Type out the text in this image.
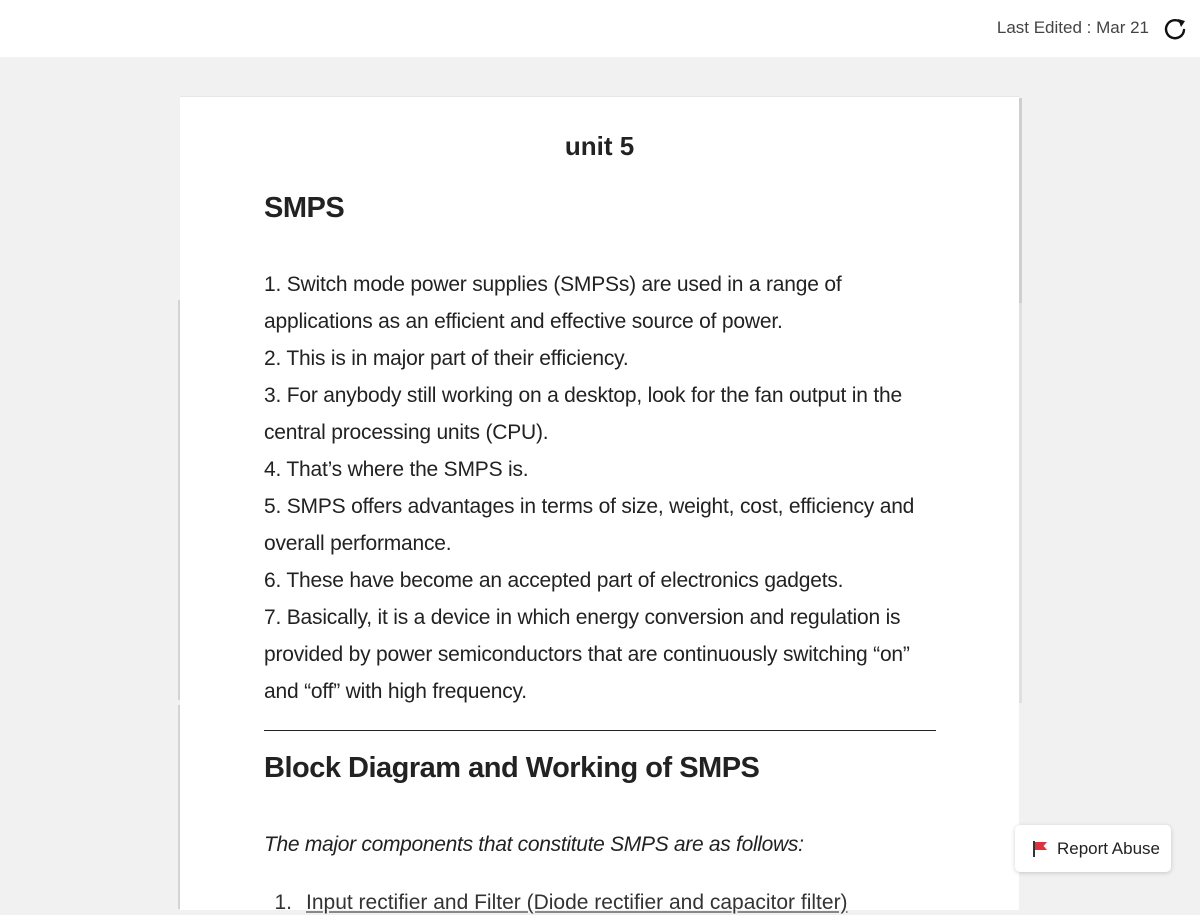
Last Edited : Mar 21
unit 5
SMPS

1. Switch mode power supplies (SMPSs) are used in a range of applications as an efficient and effective source of power.

2. This is in major part of their efficiency.

3. For anybody still working on a desktop, look for the fan output in the central processing units (CPU).

4. That’s where the SMPS is.

5. SMPS offers advantages in terms of size, weight, cost, efficiency and overall performance.

6. These have become an accepted part of electronics gadgets.

7. Basically, it is a device in which energy conversion and regulation is provided by power semiconductors that are continuously switching “on” and “off” with high frequency.

Block Diagram and Working of SMPS
The major components that constitute SMPS are as follows:
1. Input rectifier and Filter (Diode rectifier and capacitor filter)
Report Abuse
